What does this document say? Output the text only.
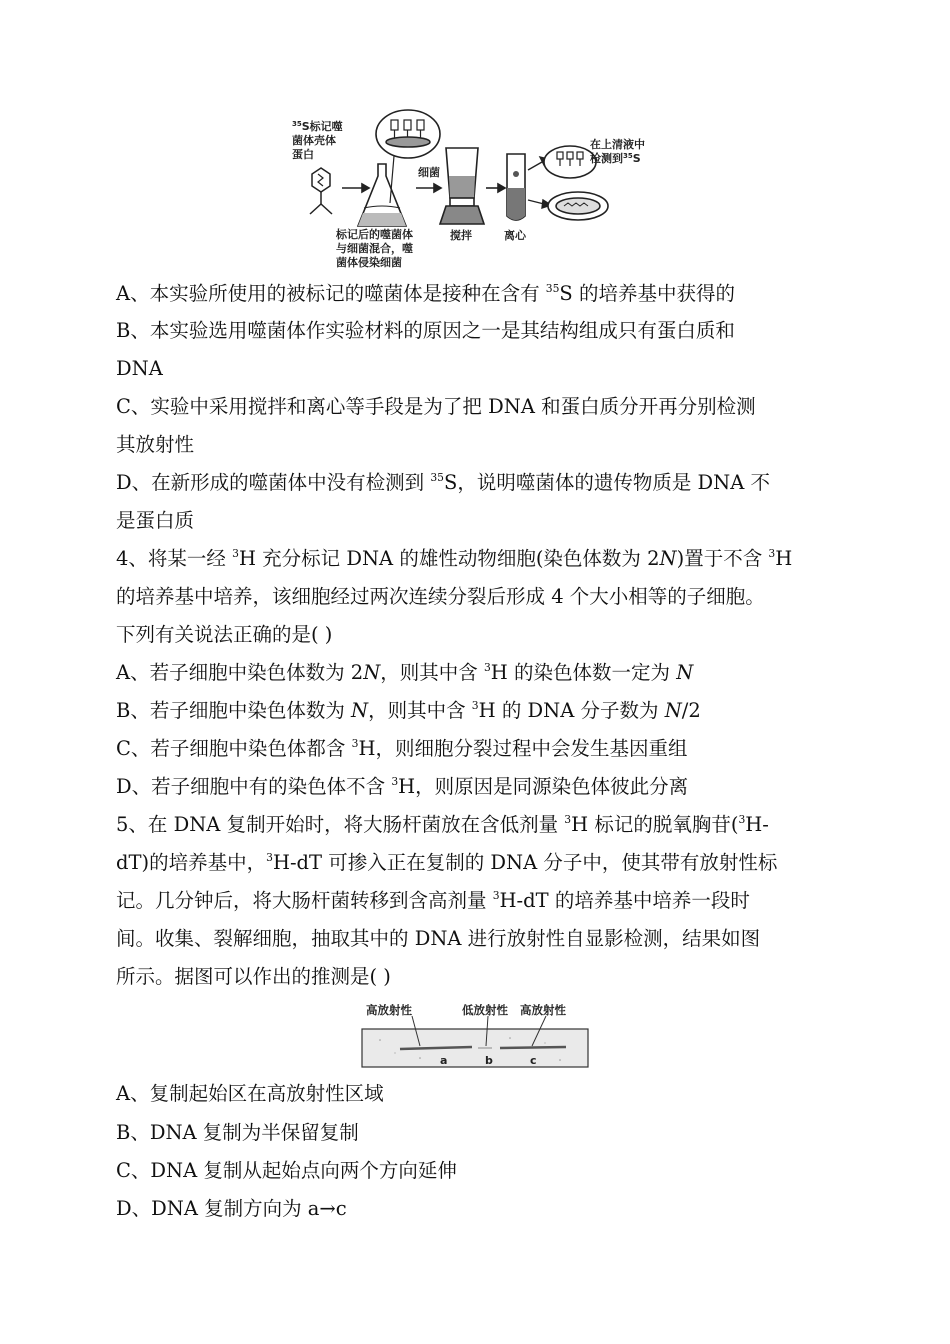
$^{35}$S标记噬
菌体壳体
蛋白
细菌
标记后的噬菌体
与细菌混合，噬
菌体侵染细菌
搅拌	离心
在上清液中
检测到$^{35}$S
A、本实验所使用的被标记的噬菌体是接种在含有 $^{35}$S 的培养基中获得的
B、本实验选用噬菌体作实验材料的原因之一是其结构组成只有蛋白质和
DNA
C、实验中采用搅拌和离心等手段是为了把 DNA 和蛋白质分开再分别检测
其放射性
D、在新形成的噬菌体中没有检测到 $^{35}$S，说明噬菌体的遗传物质是 DNA 不
是蛋白质
4、将某一经 $^3$H 充分标记 DNA 的雄性动物细胞(染色体数为 2N)置于不含 $^3$H
的培养基中培养，该细胞经过两次连续分裂后形成 4 个大小相等的子细胞。
下列有关说法正确的是( )
A、若子细胞中染色体数为 2N，则其中含 $^3$H 的染色体数一定为 N
B、若子细胞中染色体数为 N，则其中含 $^3$H 的 DNA 分子数为 N/2
C、若子细胞中染色体都含 $^3$H，则细胞分裂过程中会发生基因重组
D、若子细胞中有的染色体不含 $^3$H，则原因是同源染色体彼此分离
5、在 DNA 复制开始时，将大肠杆菌放在含低剂量 $^3$H 标记的脱氧胸苷($^3$H-
dT)的培养基中，$^3$H-dT 可掺入正在复制的 DNA 分子中，使其带有放射性标
记。几分钟后，将大肠杆菌转移到含高剂量 $^3$H-dT 的培养基中培养一段时
间。收集、裂解细胞，抽取其中的 DNA 进行放射性自显影检测，结果如图
所示。据图可以作出的推测是( )
高放射性	低放射性 高放射性
a	b	c
A、复制起始区在高放射性区域
B、DNA 复制为半保留复制
C、DNA 复制从起始点向两个方向延伸
D、DNA 复制方向为 a→c
